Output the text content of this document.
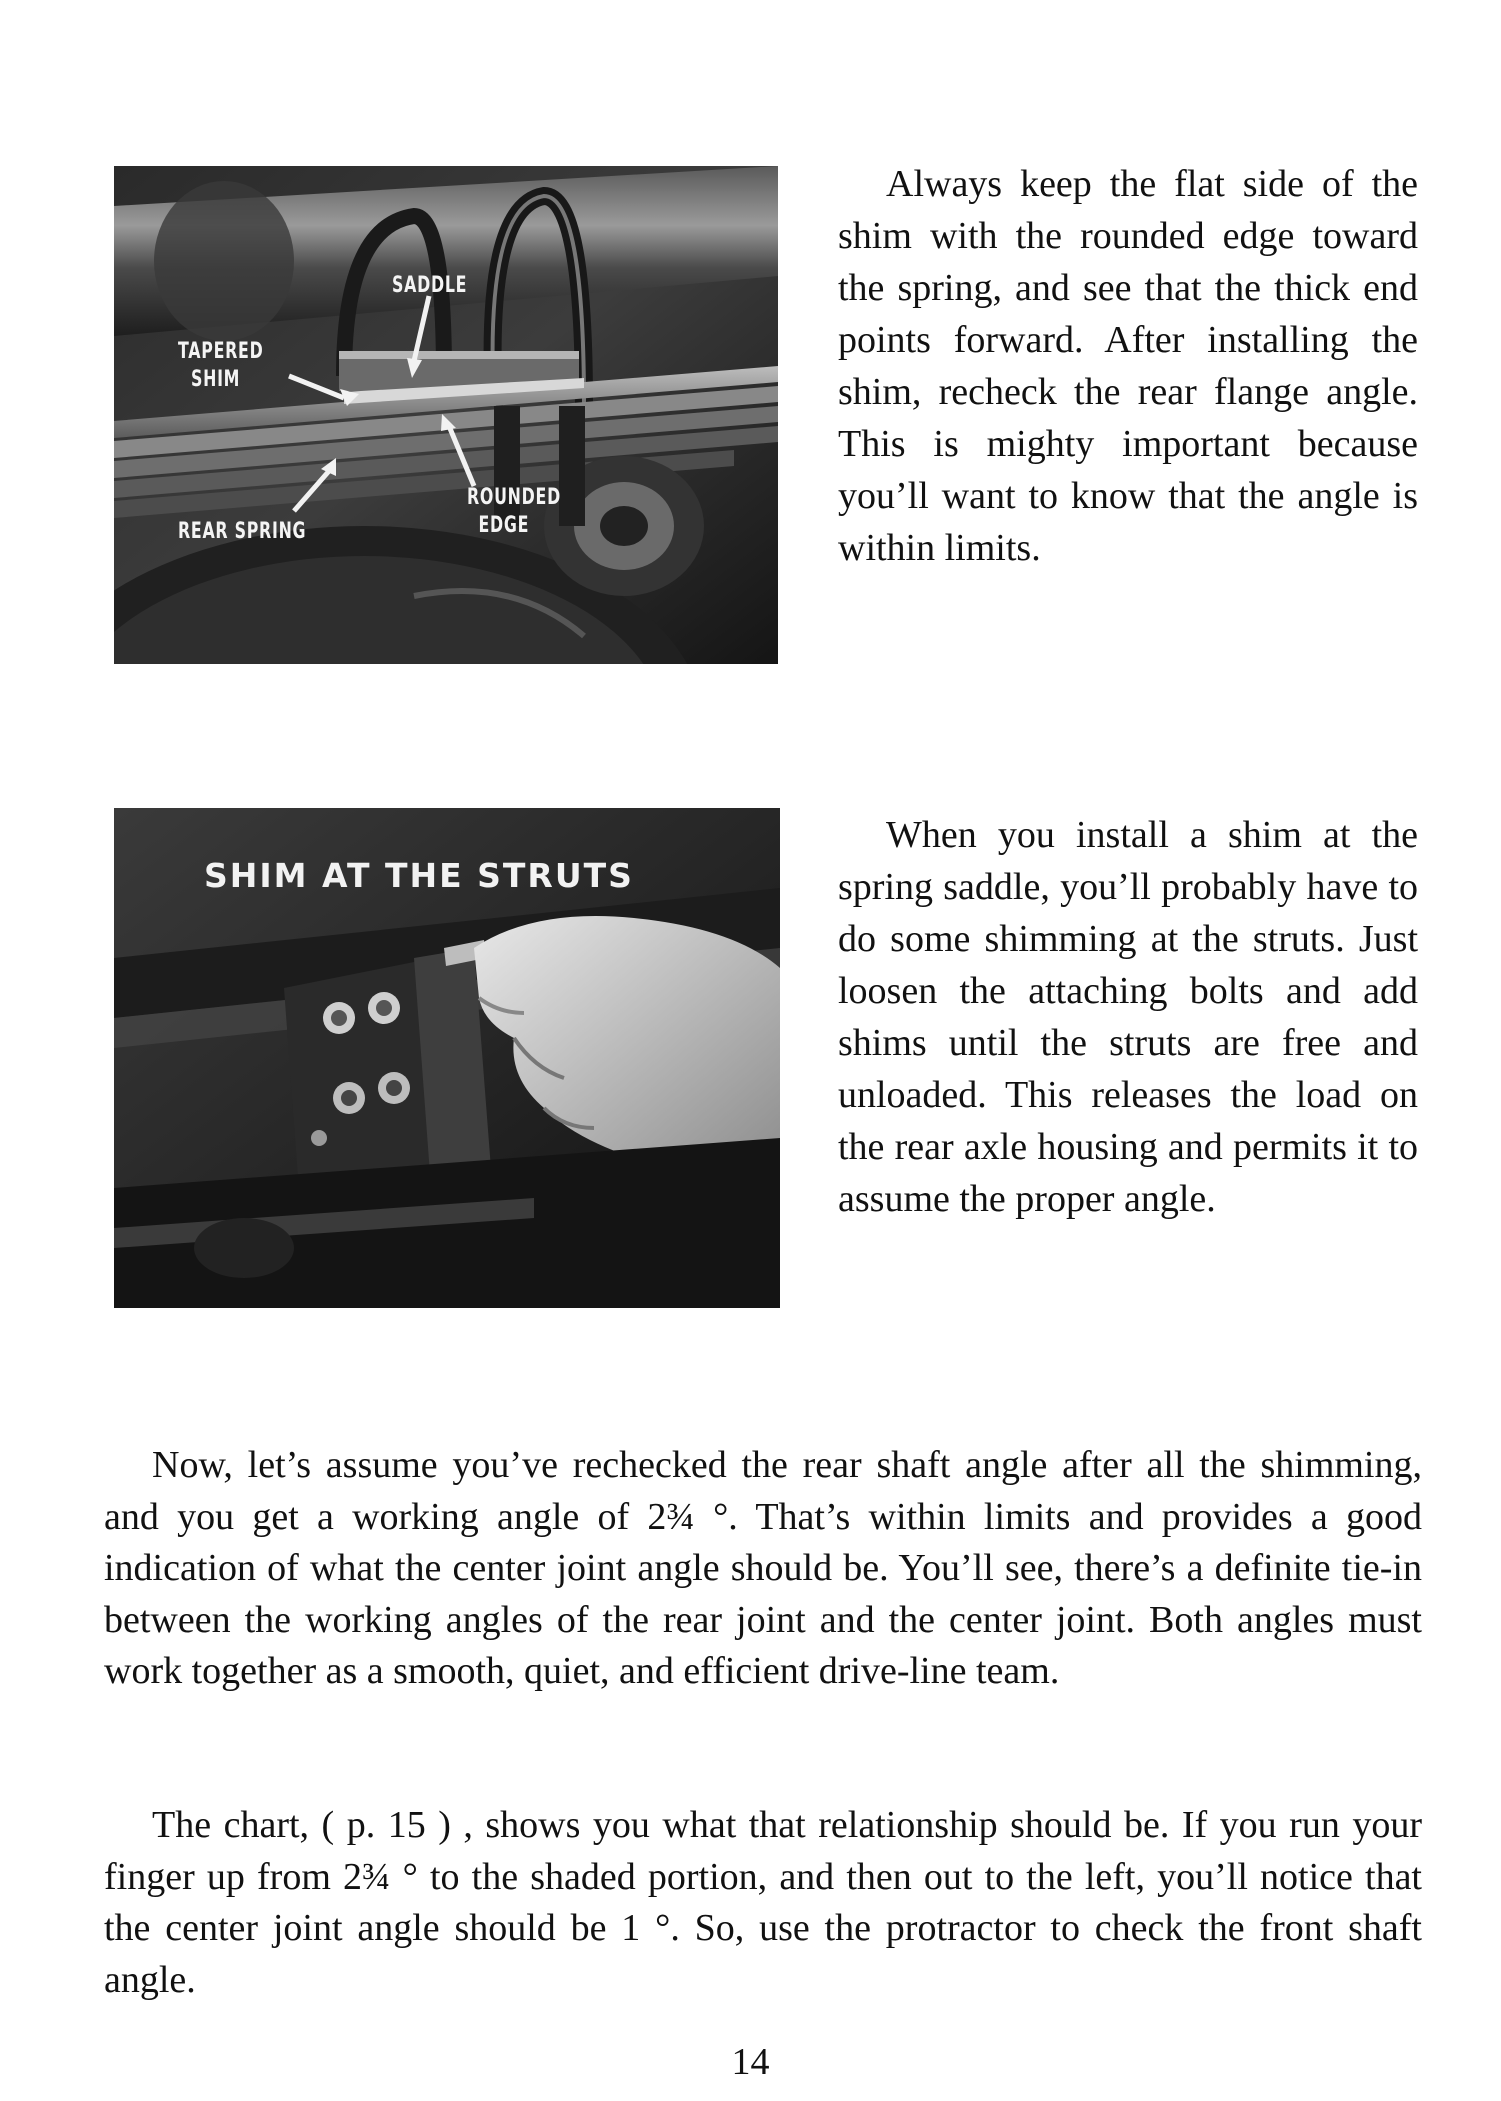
SADDLE
TAPERED
SHIM
ROUNDED
EDGE
REAR SPRING

Always keep the flat side of the shim with the rounded edge toward the spring, and see that the thick end points forward. After installing the shim, recheck the rear flange angle. This is mighty important because you’ll want to know that the angle is within limits.

SHIM AT THE STRUTS

When you install a shim at the spring saddle, you’ll probably have to do some shimming at the struts. Just loosen the attaching bolts and add shims until the struts are free and unloaded. This releases the load on the rear axle housing and permits it to assume the proper angle.

Now, let’s assume you’ve rechecked the rear shaft angle after all the shimming, and you get a working angle of 2¾ °. That’s within limits and provides a good indication of what the center joint angle should be. You’ll see, there’s a definite tie-in between the working angles of the rear joint and the center joint. Both angles must work together as a smooth, quiet, and efficient drive-line team.

The chart, ( p. 15 ) , shows you what that relationship should be. If you run your finger up from 2¾ ° to the shaded portion, and then out to the left, you’ll notice that the center joint angle should be 1 °. So, use the protractor to check the front shaft angle.

14
